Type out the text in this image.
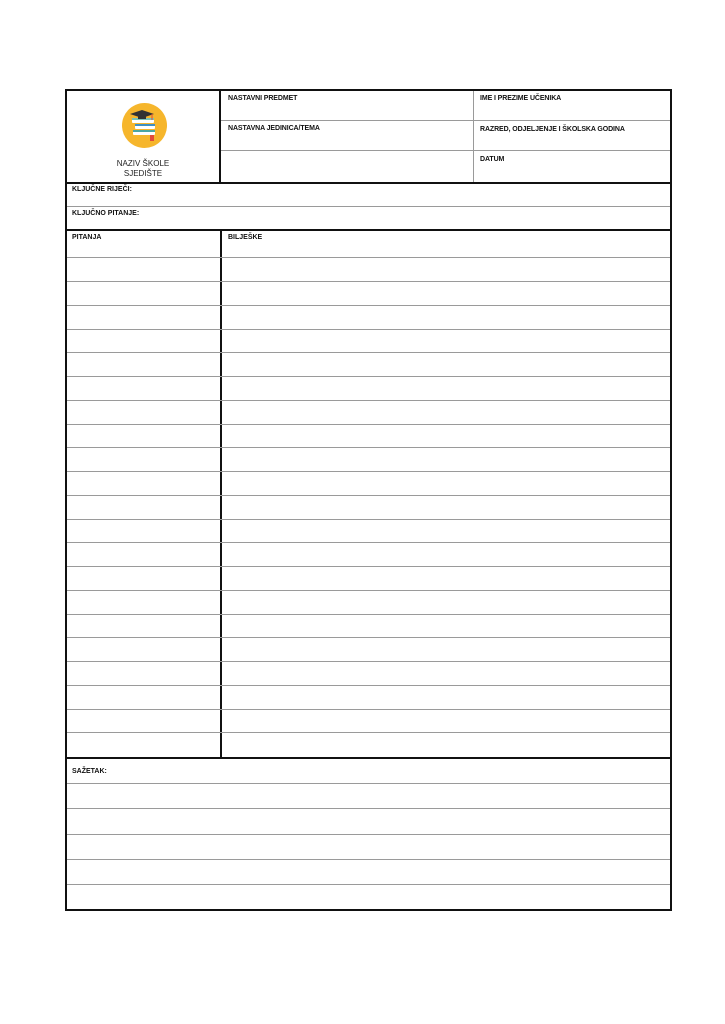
NAZIV ŠKOLE
SJEDIŠTE
NASTAVNI PREDMET
NASTAVNA JEDINICA/TEMA
IME I PREZIME UČENIKA
RAZRED, ODJELJENJE I ŠKOLSKA GODINA
DATUM
KLJUČNE RIJEČI:
KLJUČNO PITANJE:
PITANJA	BILJEŠKE
SAŽETAK:
